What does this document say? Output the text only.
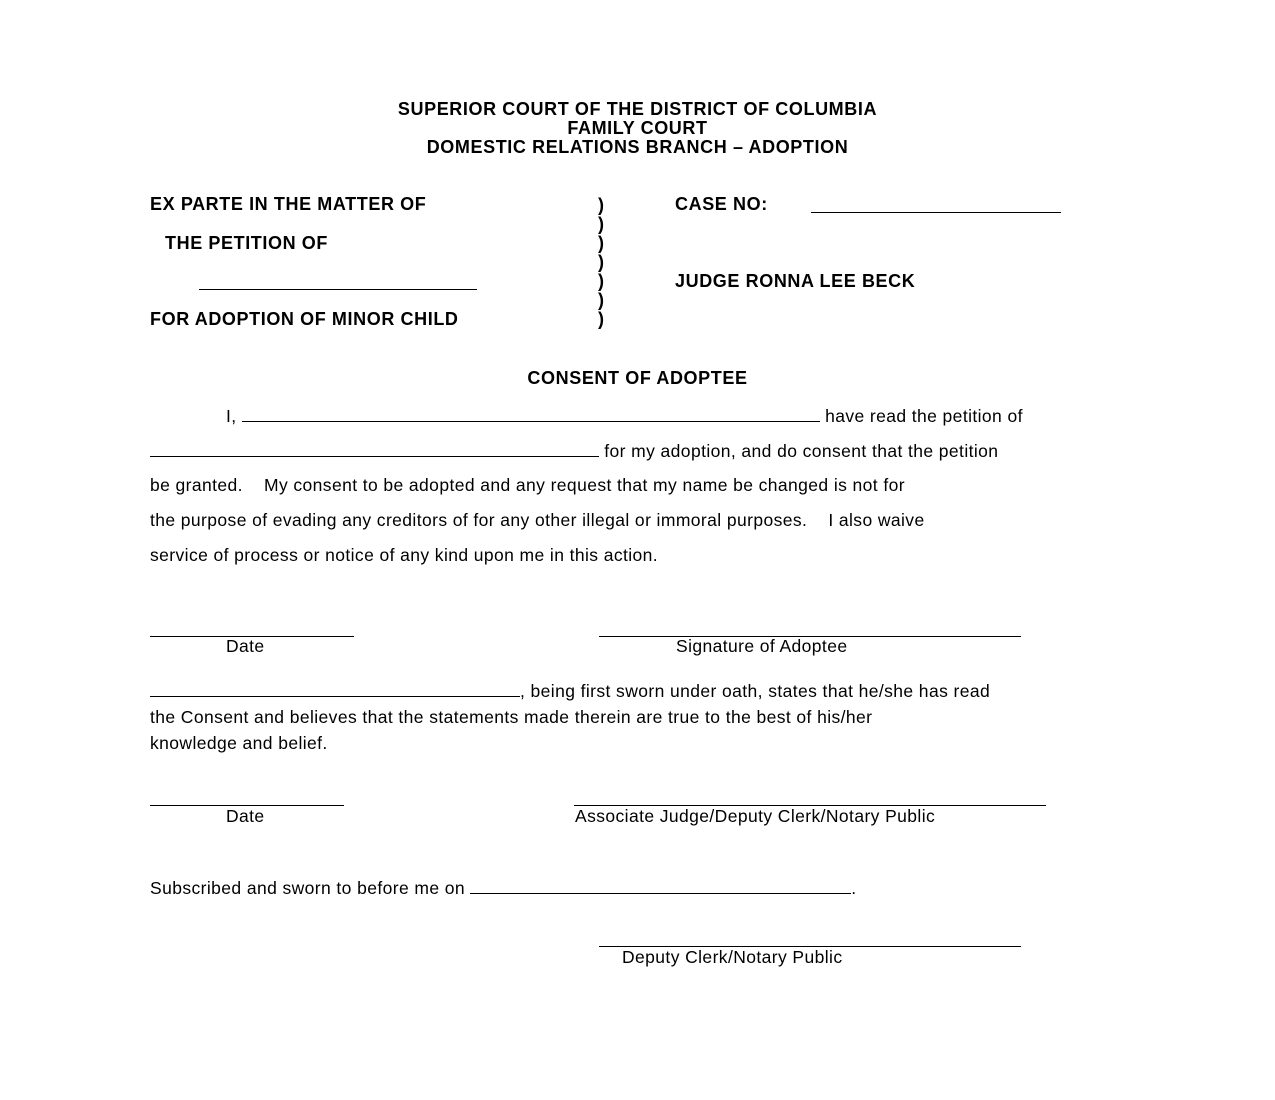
SUPERIOR COURT OF THE DISTRICT OF COLUMBIA
FAMILY COURT
DOMESTIC RELATIONS BRANCH – ADOPTION
EX PARTE IN THE MATTER OF
THE PETITION OF
FOR ADOPTION OF MINOR CHILD
)
)
)
)
)
)
)
CASE NO:
JUDGE RONNA LEE BECK
CONSENT OF ADOPTEE
I,	have read the petition of
for my adoption, and do consent that the petition
be granted.    My consent to be adopted and any request that my name be changed is not for
the purpose of evading any creditors of for any other illegal or immoral purposes.    I also waive
service of process or notice of any kind upon me in this action.
Date	Signature of Adoptee
, being first sworn under oath, states that he/she has read
the Consent and believes that the statements made therein are true to the best of his/her
knowledge and belief.
Date	Associate Judge/Deputy Clerk/Notary Public
Subscribed and sworn to before me on	.
Deputy Clerk/Notary Public
